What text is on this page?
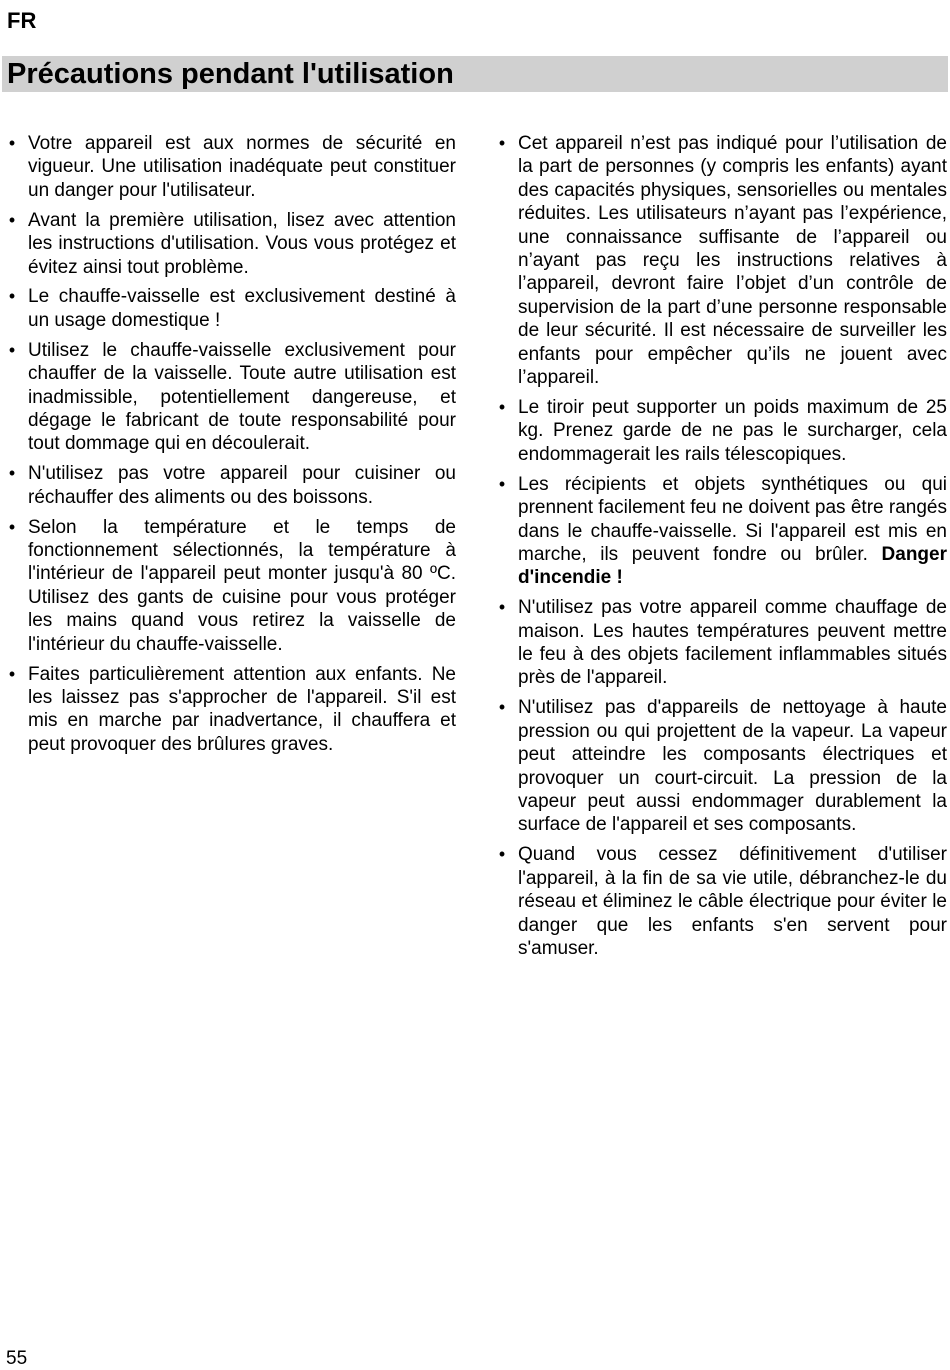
FR
Précautions pendant l'utilisation
• Votre appareil est aux normes de sécurité en vigueur. Une utilisation inadéquate peut constituer un danger pour l'utilisateur.
• Avant la première utilisation, lisez avec attention les instructions d'utilisation. Vous vous protégez et évitez ainsi tout problème.
• Le chauffe-vaisselle est exclusivement destiné à un usage domestique !
• Utilisez le chauffe-vaisselle exclusivement pour chauffer de la vaisselle. Toute autre utilisation est inadmissible, potentiellement dangereuse, et dégage le fabricant de toute responsabilité pour tout dommage qui en découlerait.
• N'utilisez pas votre appareil pour cuisiner ou réchauffer des aliments ou des boissons.
• Selon la température et le temps de fonctionnement sélectionnés, la température à l'intérieur de l'appareil peut monter jusqu'à 80 ºC. Utilisez des gants de cuisine pour vous protéger les mains quand vous retirez la vaisselle de l'intérieur du chauffe-vaisselle.
• Faites particulièrement attention aux enfants. Ne les laissez pas s'approcher de l'appareil. S'il est mis en marche par inadvertance, il chauffera et peut provoquer des brûlures graves.
• Cet appareil n’est pas indiqué pour l’utilisation de la part de personnes (y compris les enfants) ayant des capacités physiques, sensorielles ou mentales réduites. Les utilisateurs n’ayant pas l’expérience, une connaissance suffisante de l’appareil ou n’ayant pas reçu les instructions relatives à l’appareil, devront faire l’objet d’un contrôle de supervision de la part d’une personne responsable de leur sécurité. Il est nécessaire de surveiller les enfants pour empêcher qu’ils ne jouent avec l’appareil.
• Le tiroir peut supporter un poids maximum de 25 kg. Prenez garde de ne pas le surcharger, cela endommagerait les rails télescopiques.
• Les récipients et objets synthétiques ou qui prennent facilement feu ne doivent pas être rangés dans le chauffe-vaisselle. Si l'appareil est mis en marche, ils peuvent fondre ou brûler. Danger d'incendie !
• N'utilisez pas votre appareil comme chauffage de maison. Les hautes températures peuvent mettre le feu à des objets facilement inflammables situés près de l'appareil.
• N'utilisez pas d'appareils de nettoyage à haute pression ou qui projettent de la vapeur. La vapeur peut atteindre les composants électriques et provoquer un court-circuit. La pression de la vapeur peut aussi endommager durablement la surface de l'appareil et ses composants.
• Quand vous cessez définitivement d'utiliser l'appareil, à la fin de sa vie utile, débranchez-le du réseau et éliminez le câble électrique pour éviter le danger que les enfants s'en servent pour s'amuser.
55
